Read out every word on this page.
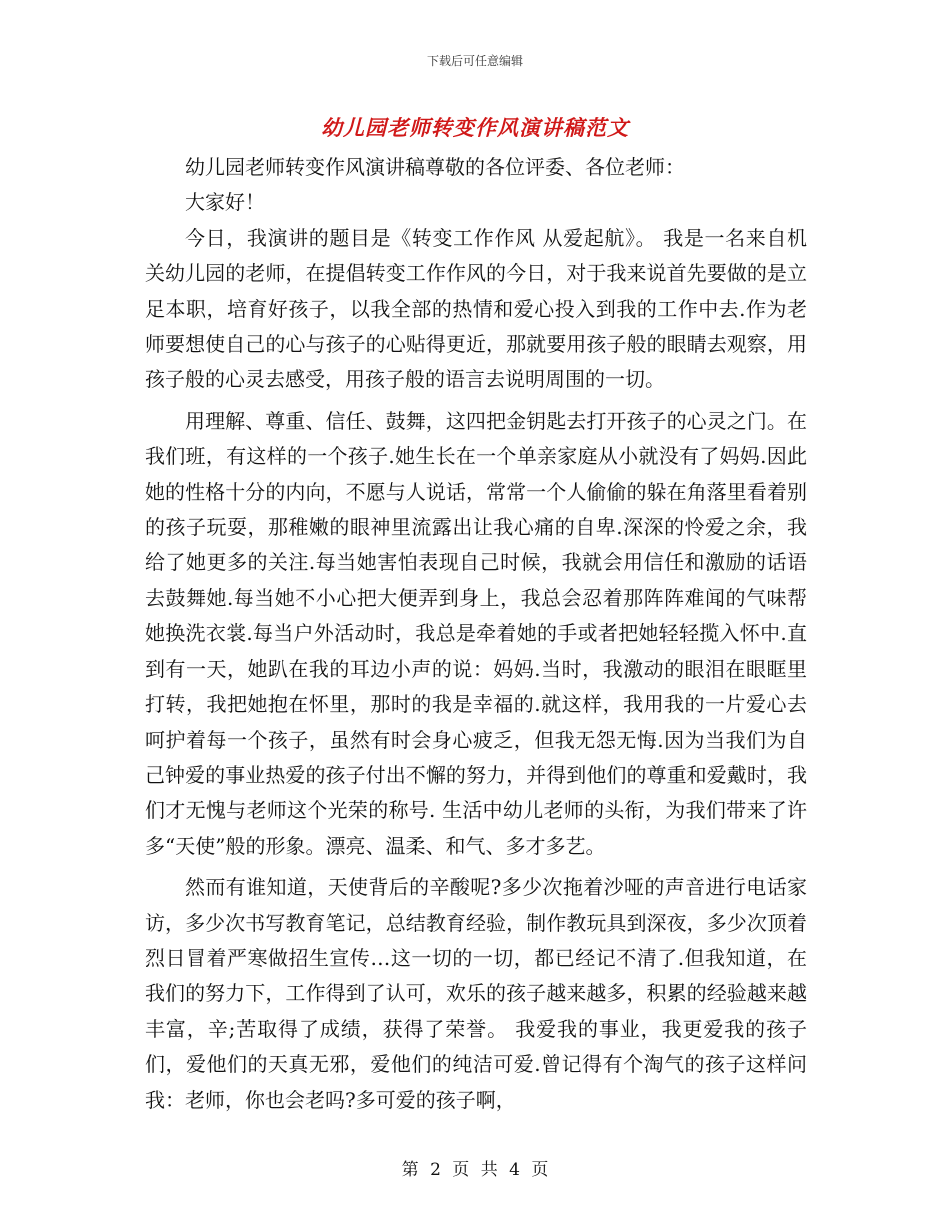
下载后可任意编辑
幼儿园老师转变作风演讲稿范文

幼儿园老师转变作风演讲稿尊敬的各位评委、各位老师：

大家好！

今日，我演讲的题目是《转变工作作风 从爱起航》。 我是一名来自机关幼儿园的老师，在提倡转变工作作风的今日，对于我来说首先要做的是立足本职，培育好孩子，以我全部的热情和爱心投入到我的工作中去.作为老师要想使自己的心与孩子的心贴得更近，那就要用孩子般的眼睛去观察，用孩子般的心灵去感受，用孩子般的语言去说明周围的一切。

用理解、尊重、信任、鼓舞，这四把金钥匙去打开孩子的心灵之门。在我们班，有这样的一个孩子.她生长在一个单亲家庭从小就没有了妈妈.因此她的性格十分的内向，不愿与人说话，常常一个人偷偷的躲在角落里看着别的孩子玩耍，那稚嫩的眼神里流露出让我心痛的自卑.深深的怜爱之余，我给了她更多的关注.每当她害怕表现自己时候，我就会用信任和激励的话语去鼓舞她.每当她不小心把大便弄到身上，我总会忍着那阵阵难闻的气味帮她换洗衣裳.每当户外活动时，我总是牵着她的手或者把她轻轻揽入怀中.直到有一天，她趴在我的耳边小声的说：妈妈.当时，我激动的眼泪在眼眶里打转，我把她抱在怀里，那时的我是幸福的.就这样，我用我的一片爱心去呵护着每一个孩子，虽然有时会身心疲乏，但我无怨无悔.因为当我们为自己钟爱的事业热爱的孩子付出不懈的努力，并得到他们的尊重和爱戴时，我们才无愧与老师这个光荣的称号. 生活中幼儿老师的头衔，为我们带来了许多“天使”般的形象。漂亮、温柔、和气、多才多艺。

然而有谁知道，天使背后的辛酸呢?多少次拖着沙哑的声音进行电话家访，多少次书写教育笔记，总结教育经验，制作教玩具到深夜，多少次顶着烈日冒着严寒做招生宣传…这一切的一切，都已经记不清了.但我知道，在我们的努力下，工作得到了认可，欢乐的孩子越来越多，积累的经验越来越丰富，辛;苦取得了成绩，获得了荣誉。 我爱我的事业，我更爱我的孩子们，爱他们的天真无邪，爱他们的纯洁可爱.曾记得有个淘气的孩子这样问我：老师，你也会老吗?多可爱的孩子啊，

第 2 页 共 4 页
